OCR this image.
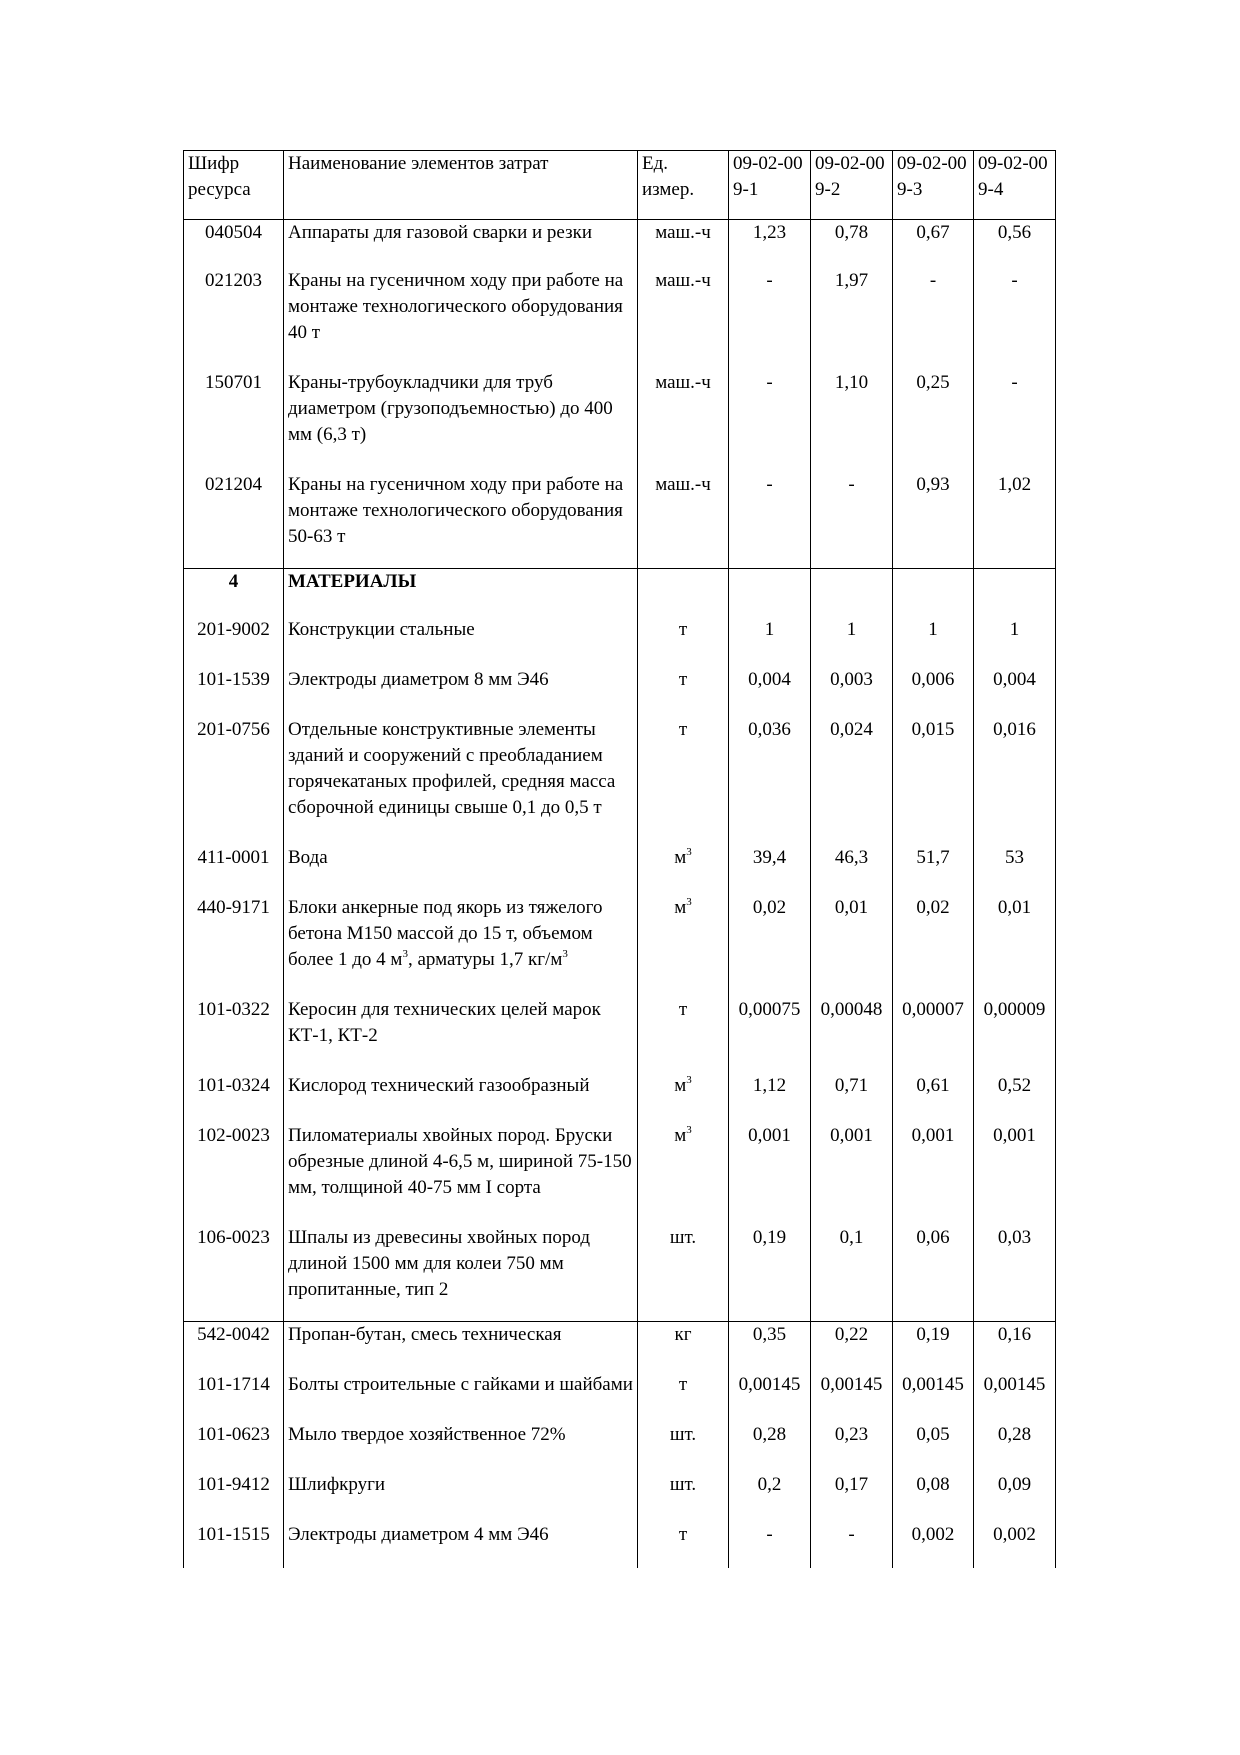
Шифр ресурса	Наименование элементов затрат	Ед. измер.	09-02-009-1	09-02-009-2	09-02-009-3	09-02-009-4
040504	Аппараты для газовой сварки и резки	маш.-ч	1,23	0,78	0,67	0,56
021203	Краны на гусеничном ходу при работе на монтаже технологического оборудования 40 т	маш.-ч	-	1,97	-	-
150701	Краны-трубоукладчики для труб диаметром (грузоподъемностью) до 400 мм (6,3 т)	маш.-ч	-	1,10	0,25	-
021204	Краны на гусеничном ходу при работе на монтаже технологического оборудования 50-63 т	маш.-ч	-	-	0,93	1,02
4	МАТЕРИАЛЫ					
201-9002	Конструкции стальные	т	1	1	1	1
101-1539	Электроды диаметром 8 мм Э46	т	0,004	0,003	0,006	0,004
201-0756	Отдельные конструктивные элементы зданий и сооружений с преобладанием горячекатаных профилей, средняя масса сборочной единицы свыше 0,1 до 0,5 т	т	0,036	0,024	0,015	0,016
411-0001	Вода	$м^3$	39,4	46,3	51,7	53
440-9171	Блоки анкерные под якорь из тяжелого бетона М150 массой до 15 т, объемом более 1 до 4 $м^3$, арматуры 1,7 $кг/м^3$	$м^3$	0,02	0,01	0,02	0,01
101-0322	Керосин для технических целей марок КТ-1, КТ-2	т	0,00075	0,00048	0,00007	0,00009
101-0324	Кислород технический газообразный	$м^3$	1,12	0,71	0,61	0,52
102-0023	Пиломатериалы хвойных пород. Бруски обрезные длиной 4-6,5 м, шириной 75-150 мм, толщиной 40-75 мм I сорта	$м^3$	0,001	0,001	0,001	0,001
106-0023	Шпалы из древесины хвойных пород длиной 1500 мм для колеи 750 мм пропитанные, тип 2	шт.	0,19	0,1	0,06	0,03
542-0042	Пропан-бутан, смесь техническая	кг	0,35	0,22	0,19	0,16
101-1714	Болты строительные с гайками и шайбами	т	0,00145	0,00145	0,00145	0,00145
101-0623	Мыло твердое хозяйственное 72%	шт.	0,28	0,23	0,05	0,28
101-9412	Шлифкруги	шт.	0,2	0,17	0,08	0,09
101-1515	Электроды диаметром 4 мм Э46	т	-	-	0,002	0,002
